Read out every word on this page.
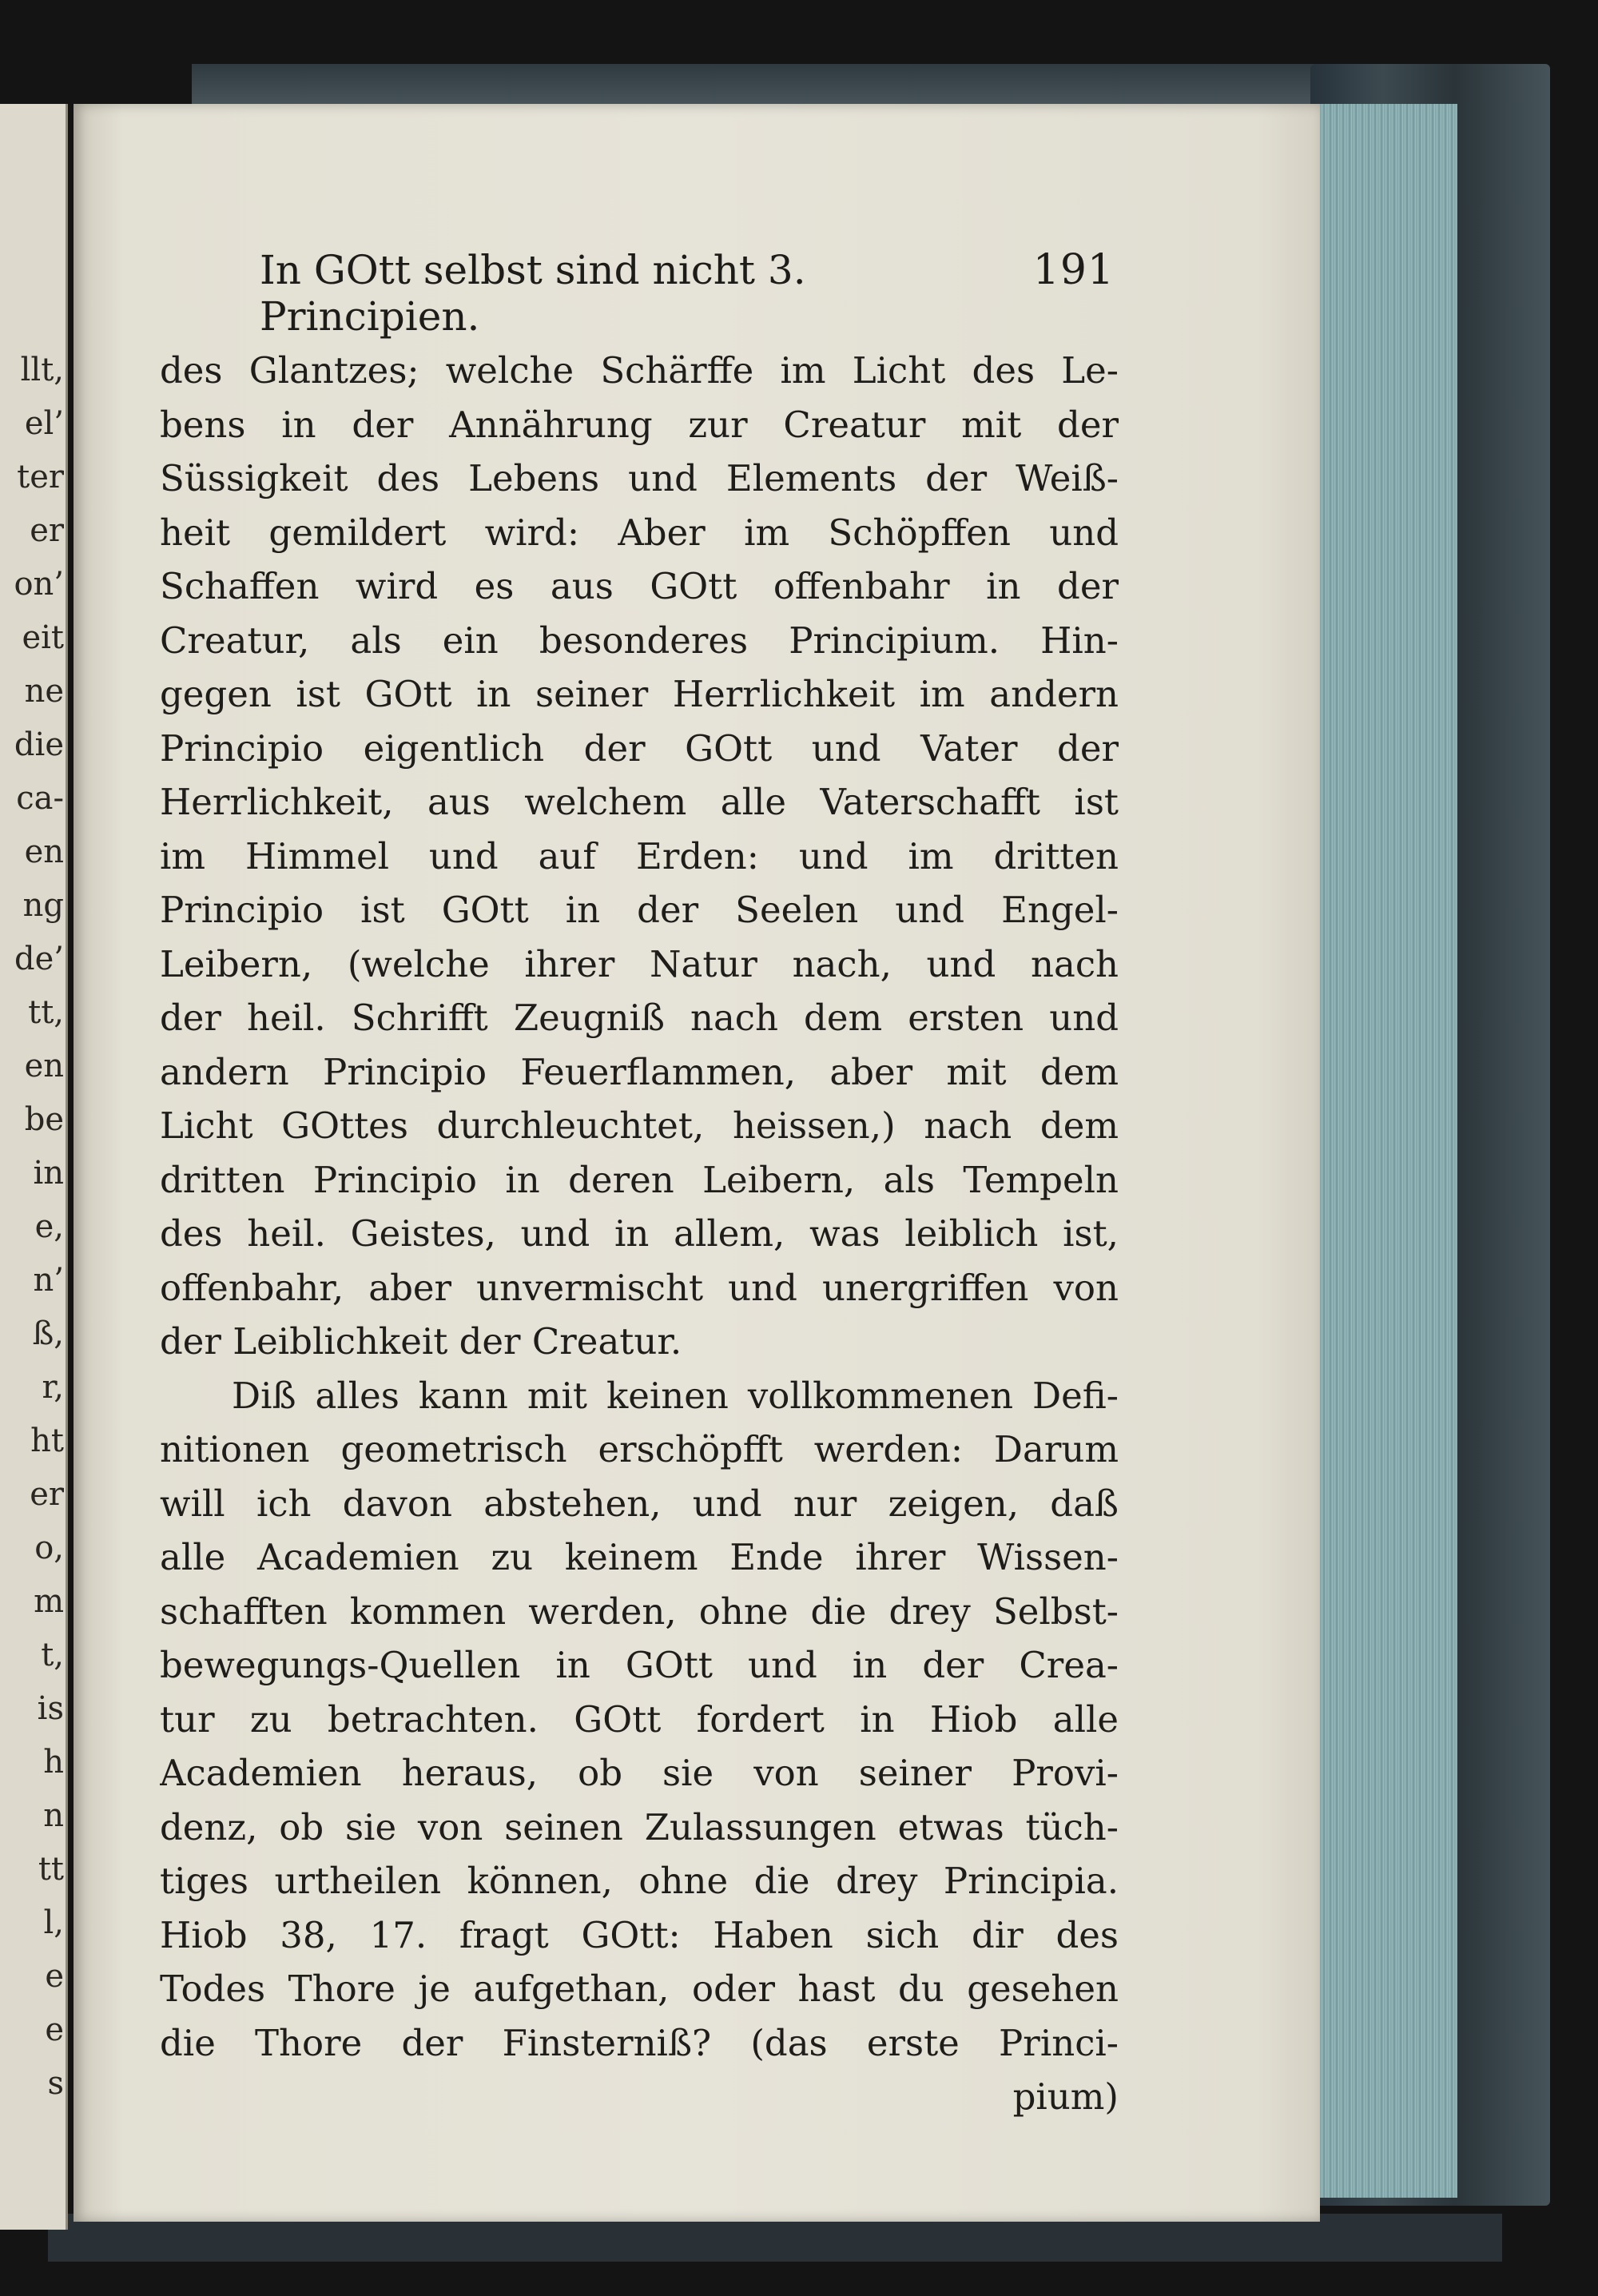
llt,
el’
ter
er
on’
eit
ne
die
ca-
en
ng
de’
tt,
en
be
in
e,
n’
ß,
r,
ht
er
o,
m
t,
is
h
n
tt
l,
e
e
s
In GOtt selbst sind nicht 3. Principien.
191
des Glantzes; welche Schärffe im Licht des Le-
bens in der Annährung zur Creatur mit der
Süssigkeit des Lebens und Elements der Weiß-
heit gemildert wird: Aber im Schöpffen und
Schaffen wird es aus GOtt offenbahr in der
Creatur, als ein besonderes Principium. Hin-
gegen ist GOtt in seiner Herrlichkeit im andern
Principio eigentlich der GOtt und Vater der
Herrlichkeit, aus welchem alle Vaterschafft ist
im Himmel und auf Erden: und im dritten
Principio ist GOtt in der Seelen und Engel-
Leibern, (welche ihrer Natur nach, und nach
der heil. Schrifft Zeugniß nach dem ersten und
andern Principio Feuerflammen, aber mit dem
Licht GOttes durchleuchtet, heissen,) nach dem
dritten Principio in deren Leibern, als Tempeln
des heil. Geistes, und in allem, was leiblich ist,
offenbahr, aber unvermischt und unergriffen von
der Leiblichkeit der Creatur.
Diß alles kann mit keinen vollkommenen Defi-
nitionen geometrisch erschöpfft werden: Darum
will ich davon abstehen, und nur zeigen, daß
alle Academien zu keinem Ende ihrer Wissen-
schafften kommen werden, ohne die drey Selbst-
bewegungs-Quellen in GOtt und in der Crea-
tur zu betrachten. GOtt fordert in Hiob alle
Academien heraus, ob sie von seiner Provi-
denz, ob sie von seinen Zulassungen etwas tüch-
tiges urtheilen können, ohne die drey Principia.
Hiob 38, 17. fragt GOtt: Haben sich dir des
Todes Thore je aufgethan, oder hast du gesehen
die Thore der Finsterniß? (das erste Princi-
pium)
